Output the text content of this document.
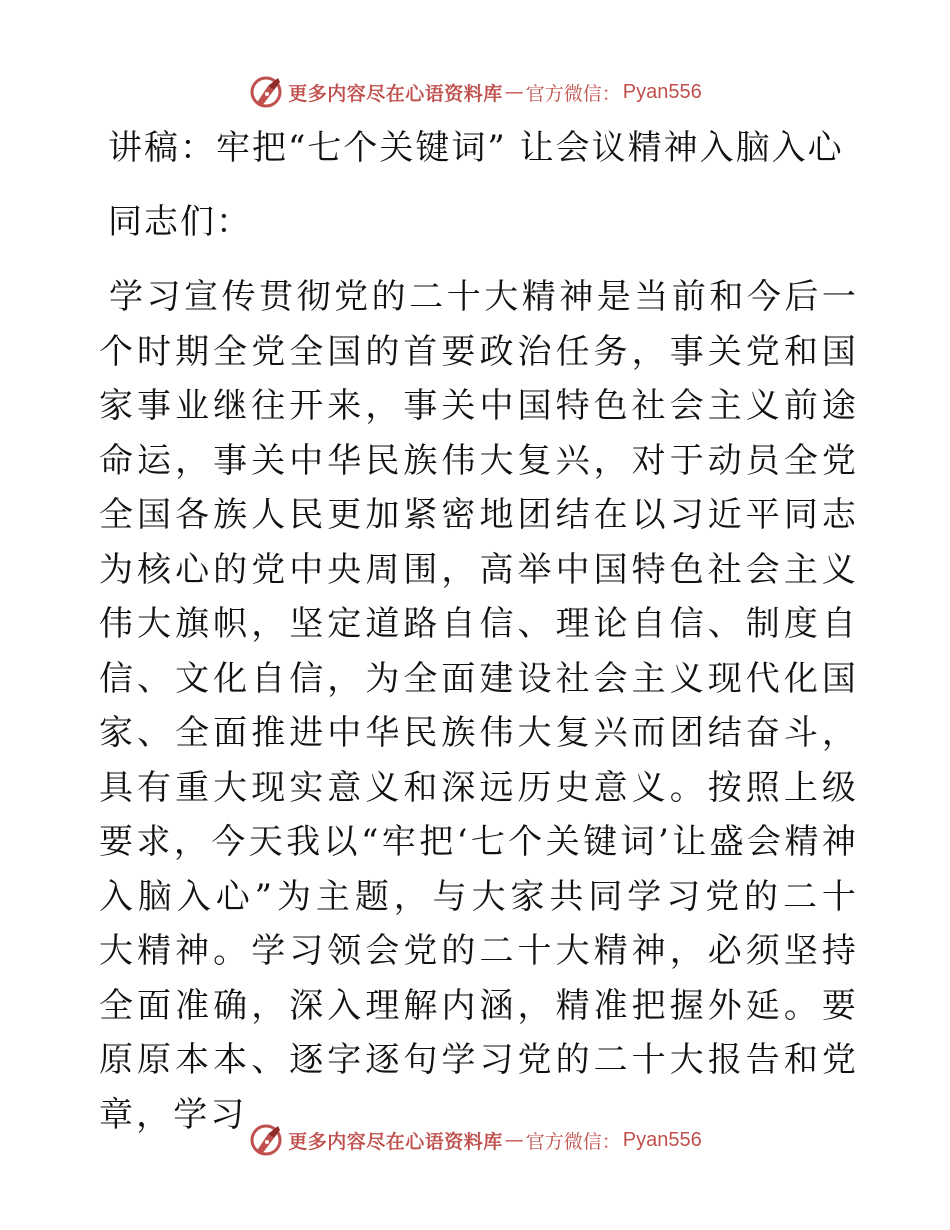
更多内容尽在心语资料库 — 官方微信： Pyan556
讲稿：牢把“七个关键词” 让会议精神入脑入心
同志们：

学习宣传贯彻党的二十大精神是当前和今后一个时期全党全国的首要政治任务，事关党和国家事业继往开来，事关中国特色社会主义前途命运，事关中华民族伟大复兴，对于动员全党全国各族人民更加紧密地团结在以习近平同志为核心的党中央周围，高举中国特色社会主义伟大旗帜，坚定道路自信、理论自信、制度自信、文化自信，为全面建设社会主义现代化国家、全面推进中华民族伟大复兴而团结奋斗，具有重大现实意义和深远历史意义。按照上级要求，今天我以“牢把‘七个关键词’让盛会精神入脑入心”为主题，与大家共同学习党的二十大精神。学习领会党的二十大精神，必须坚持全面准确，深入理解内涵，精准把握外延。要原原本本、逐字逐句学习党的二十大报告和党章，学习

更多内容尽在心语资料库 — 官方微信： Pyan556
